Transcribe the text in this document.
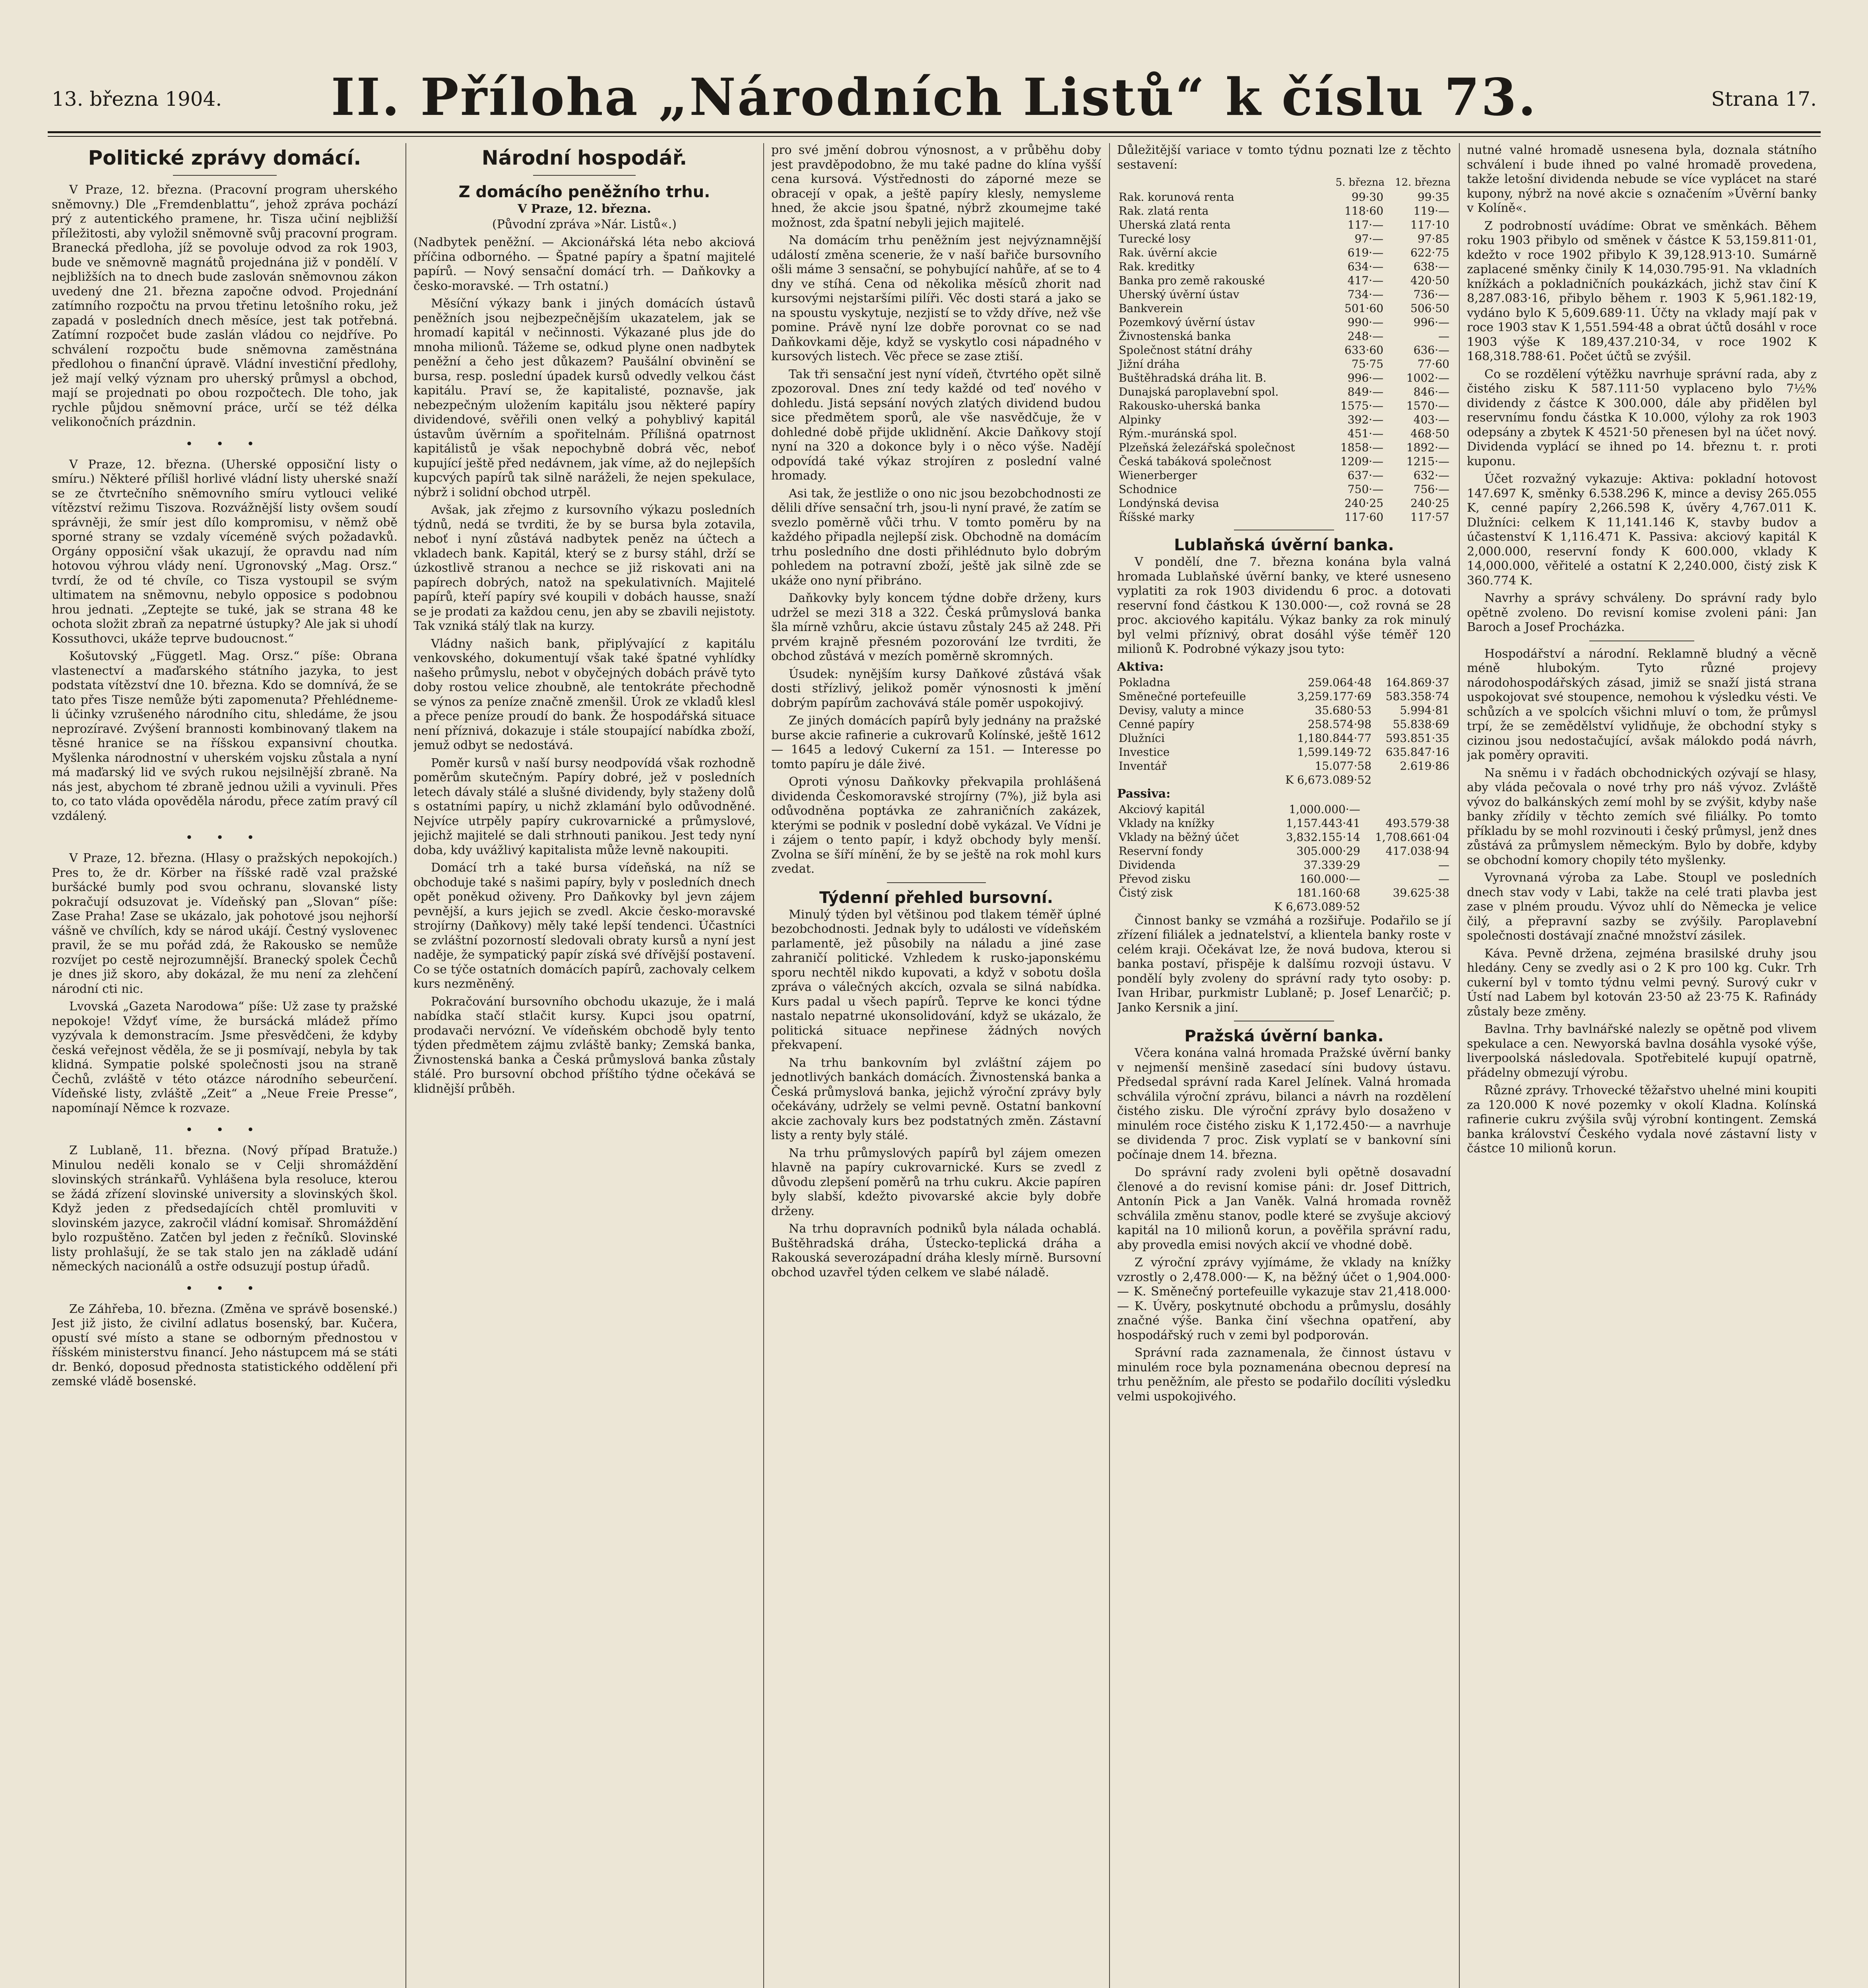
13. března 1904.	II. Příloha „Národních Listů“ k číslu 73.	Strana 17.
Politické zprávy domácí.

V Praze, 12. března. (Pracovní program uherského sněmovny.) Dle „Fremdenblattu“, jehož zpráva pochází prý z autentického pramene, hr. Tisza učiní nejbližší příležitosti, aby vyložil sněmovně svůj pracovní program. Branecká předloha, jíž se povoluje odvod za rok 1903, bude ve sněmovně magnátů projednána již v pondělí. V nejbližších na to dnech bude zaslován sněmovnou zákon uvedený dne 21. března započne odvod. Projednání zatímního rozpočtu na prvou třetinu letošního roku, jež zapadá v posledních dnech měsíce, jest tak potřebná. Zatímní rozpočet bude zaslán vládou co nejdříve. Po schválení rozpočtu bude sněmovna zaměstnána předlohou o finanční úpravě. Vládní investiční předlohy, jež mají velký význam pro uherský průmysl a obchod, mají se projednati po obou rozpočtech. Dle toho, jak rychle půjdou sněmovní práce, určí se též délka velikonočních prázdnin.

• • •

V Praze, 12. března. (Uherské opposiční listy o smíru.) Některé přílišl horlivé vládní listy uherské snaží se ze čtvrtečního sněmovního smíru vytlouci veliké vítězství režimu Tiszova. Rozvážnější listy ovšem soudí správněji, že smír jest dílo kompromisu, v němž obě sporné strany se vzdaly víceméně svých požadavků. Orgány opposiční však ukazují, že opravdu nad ním hotovou výhrou vlády není. Ugronovský „Mag. Orsz.“ tvrdí, že od té chvíle, co Tisza vystoupil se svým ultimatem na sněmovnu, nebylo opposice s podobnou hrou jednati. „Zeptejte se tuké, jak se strana 48 ke ochota složit zbraň za nepatrné ústupky? Ale jak si uhodí Kossuthovci, ukáže teprve budoucnost.“

Košutovský „Függetl. Mag. Orsz.“ píše: Obrana vlastenectví a maďarského státního jazyka, to jest podstata vítězství dne 10. března. Kdo se domnívá, že se tato přes Tisze nemůže býti zapomenuta? Přehlédneme-li účinky vzrušeného národního citu, shledáme, že jsou neprozíravé. Zvýšení brannosti kombinovaný tlakem na těsné hranice se na říšskou expansivní choutka. Myšlenka národnostní v uherském vojsku zůstala a nyní má maďarský lid ve svých rukou nejsilnější zbraně. Na nás jest, abychom té zbraně jednou užili a vyvinuli. Přes to, co tato vláda opověděla národu, přece zatím pravý cíl vzdálený.

• • •

V Praze, 12. března. (Hlasy o pražských nepokojích.) Pres to, že dr. Körber na říšské radě vzal pražské buršácké bumly pod svou ochranu, slovanské listy pokračují odsuzovat je. Vídeňský pan „Slovan“ píše: Zase Praha! Zase se ukázalo, jak pohotové jsou nejhorší vášně ve chvílích, kdy se národ ukájí. Čestný vyslovenec pravil, že se mu pořád zdá, že Rakousko se nemůže rozvíjet po cestě nejrozumnější. Branecký spolek Čechů je dnes již skoro, aby dokázal, že mu není za zlehčení národní cti nic.

Lvovská „Gazeta Narodowa“ píše: Už zase ty pražské nepokoje! Vždyť víme, že bursácká mládež přímo vyzývala k demonstracím. Jsme přesvědčeni, že kdyby česká veřejnost věděla, že se ji posmívají, nebyla by tak klidná. Sympatie polské společnosti jsou na straně Čechů, zvláště v této otázce národního sebeurčení. Vídeňské listy, zvláště „Zeit“ a „Neue Freie Presse“, napomínají Němce k rozvaze.

• • •

Z Lublaně, 11. března. (Nový případ Bratuže.) Minulou neděli konalo se v Celji shromáždění slovinských stránkařů. Vyhlášena byla resoluce, kterou se žádá zřízení slovinské university a slovinských škol. Když jeden z předsedajících chtěl promluviti v slovinském jazyce, zakročil vládní komisař. Shromáždění bylo rozpuštěno. Zatčen byl jeden z řečníků. Slovinské listy prohlašují, že se tak stalo jen na základě udání německých nacionálů a ostře odsuzují postup úřadů.

• • •

Ze Záhřeba, 10. března. (Změna ve správě bosenské.) Jest již jisto, že civilní adlatus bosenský, bar. Kučera, opustí své místo a stane se odborným přednostou v říšském ministerstvu financí. Jeho nástupcem má se státi dr. Benkó, doposud přednosta statistického oddělení při zemské vládě bosenské.

Národní hospodář.
Z domácího peněžního trhu.
V Praze, 12. března.
(Původní zpráva »Nár. Listů«.)

(Nadbytek peněžní. — Akcionářská léta nebo akciová příčina odborného. — Špatné papíry a špatní majitelé papírů. — Nový sensační domácí trh. — Daňkovky a česko-moravské. — Trh ostatní.)

Měsíční výkazy bank i jiných domácích ústavů peněžních jsou nejbezpečnějším ukazatelem, jak se hromadí kapitál v nečinnosti. Výkazané plus jde do mnoha milionů. Tážeme se, odkud plyne onen nadbytek peněžní a čeho jest důkazem? Paušální obvinění se bursa, resp. poslední úpadek kursů odvedly velkou část kapitálu. Praví se, že kapitalisté, poznavše, jak nebezpečným uložením kapitálu jsou některé papíry dividendové, svěřili onen velký a pohyblivý kapitál ústavům úvěrním a spořitelnám. Přílišná opatrnost kapitálistů je však nepochybně dobrá věc, neboť kupující ještě před nedávnem, jak víme, až do nejlepších kupcvých papírů tak silně naráželi, že nejen spekulace, nýbrž i solidní obchod utrpěl.

Avšak, jak zřejmo z kursovního výkazu posledních týdnů, nedá se tvrditi, že by se bursa byla zotavila, neboť i nyní zůstává nadbytek peněz na účtech a vkladech bank. Kapitál, který se z bursy stáhl, drží se úzkostlivě stranou a nechce se již riskovati ani na papírech dobrých, natož na spekulativních. Majitelé papírů, kteří papíry své koupili v dobách hausse, snaží se je prodati za každou cenu, jen aby se zbavili nejistoty. Tak vzniká stálý tlak na kurzy.

Vládny našich bank, připlývající z kapitálu venkovského, dokumentují však také špatné vyhlídky našeho průmyslu, nebot v obyčejných dobách právě tyto doby rostou velice zhoubně, ale tentokráte přechodně se výnos za peníze značně zmenšil. Úrok ze vkladů klesl a přece peníze proudí do bank. Že hospodářská situace není příznivá, dokazuje i stále stoupající nabídka zboží, jemuž odbyt se nedostává.

Poměr kursů v naší bursy neodpovídá však rozhodně poměrům skutečným. Papíry dobré, jež v posledních letech dávaly stálé a slušné dividendy, byly staženy dolů s ostatními papíry, u nichž zklamání bylo odůvodněné. Nejvíce utrpěly papíry cukrovarnické a průmyslové, jejichž majitelé se dali strhnouti panikou. Jest tedy nyní doba, kdy uvážlivý kapitalista může levně nakoupiti.

Domácí trh a také bursa vídeňská, na níž se obchoduje také s našimi papíry, byly v posledních dnech opět poněkud oživeny. Pro Daňkovky byl jevn zájem pevnější, a kurs jejich se zvedl. Akcie česko-moravské strojírny (Daňkovy) měly také lepší tendenci. Účastníci se zvláštní pozorností sledovali obraty kursů a nyní jest naděje, že sympatický papír získá své dřívější postavení. Co se týče ostatních domácích papírů, zachovaly celkem kurs nezměněný.

Pokračování bursovního obchodu ukazuje, že i malá nabídka stačí stlačit kursy. Kupci jsou opatrní, prodavači nervózní. Ve vídeňském obchodě byly tento týden předmětem zájmu zvláště banky; Zemská banka, Živnostenská banka a Česká průmyslová banka zůstaly stálé. Pro bursovní obchod příštího týdne očekává se klidnější průběh.

pro své jmění dobrou výnosnost, a v průběhu doby jest pravděpodobno, že mu také padne do klína vyšší cena kursová. Výstřednosti do záporné meze se obracejí v opak, a ještě papíry klesly, nemysleme hned, že akcie jsou špatné, nýbrž zkoumejme také možnost, zda špatní nebyli jejich majitelé.

Na domácím trhu peněžním jest nejvýznamnější událostí změna scenerie, že v naší bařiče bursovního ošli máme 3 sensační, se pohybující nahůře, ať se to 4 dny ve stíhá. Cena od několika měsíců zhorit nad kursovými nejstaršími pilíři. Věc dosti stará a jako se na spoustu vyskytuje, nezjistí se to vždy dříve, než vše pomine. Právě nyní lze dobře porovnat co se nad Daňkovkami děje, když se vyskytlo cosi nápadného v kursových listech. Věc přece se zase ztiší.

Tak tři sensační jest nyní vídeň, čtvrtého opět silně zpozoroval. Dnes zní tedy každé od teď nového v dohledu. Jistá sepsání nových zlatých dividend budou sice předmětem sporů, ale vše nasvědčuje, že v dohledné době přijde uklidnění. Akcie Daňkovy stojí nyní na 320 a dokonce byly i o něco výše. Nadějí odpovídá také výkaz strojíren z poslední valné hromady.

Asi tak, že jestliže o ono nic jsou bezobchodnosti ze dělili dříve sensační trh, jsou-li nyní pravé, že zatím se svezlo poměrně vůči trhu. V tomto poměru by na každého připadla nejlepší zisk. Obchodně na domácím trhu posledního dne dosti přihlédnuto bylo dobrým pohledem na potravní zboží, ještě jak silně zde se ukáže ono nyní přibráno.

Daňkovky byly koncem týdne dobře drženy, kurs udržel se mezi 318 a 322. Česká průmyslová banka šla mírně vzhůru, akcie ústavu zůstaly 245 až 248. Při prvém krajně přesném pozorování lze tvrditi, že obchod zůstává v mezích poměrně skromných.

Úsudek: nynějším kursy Daňkové zůstává však dosti střízlivý, jelikož poměr výnosnosti k jmění dobrým papírům zachovává stále poměr uspokojivý.

Ze jiných domácích papírů byly jednány na pražské burse akcie rafinerie a cukrovarů Kolínské, ještě 1612 — 1645 a ledový Cukerní za 151. — Interesse po tomto papíru je dále živé.

Oproti výnosu Daňkovky překvapila prohlášená dividenda Českomoravské strojírny (7%), již byla asi odůvodněna poptávka ze zahraničních zakázek, kterými se podnik v poslední době vykázal. Ve Vídni je i zájem o tento papír, i když obchody byly menší. Zvolna se šíří mínění, že by se ještě na rok mohl kurs zvedat.

Týdenní přehled bursovní.

Minulý týden byl většinou pod tlakem téměř úplné bezobchodnosti. Jednak byly to události ve vídeňském parlamentě, jež působily na náladu a jiné zase zahraničí politické. Vzhledem k rusko-japonskému sporu nechtěl nikdo kupovati, a když v sobotu došla zpráva o válečných akcích, ozvala se silná nabídka. Kurs padal u všech papírů. Teprve ke konci týdne nastalo nepatrné ukonsolidování, když se ukázalo, že politická situace nepřinese žádných nových překvapení.

Na trhu bankovním byl zvláštní zájem po jednotlivých bankách domácích. Živnostenská banka a Česká průmyslová banka, jejichž výroční zprávy byly očekávány, udržely se velmi pevně. Ostatní bankovní akcie zachovaly kurs bez podstatných změn. Zástavní listy a renty byly stálé.

Na trhu průmyslových papírů byl zájem omezen hlavně na papíry cukrovarnické. Kurs se zvedl z důvodu zlepšení poměrů na trhu cukru. Akcie papíren byly slabší, kdežto pivovarské akcie byly dobře drženy.

Na trhu dopravních podniků byla nálada ochablá. Buštěhradská dráha, Ústecko-teplická dráha a Rakouská severozápadní dráha klesly mírně. Bursovní obchod uzavřel týden celkem ve slabé náladě.

Důležitější variace v tomto týdnu poznati lze z těchto sestavení:

	5. března	12. března
Rak. korunová renta	99·30	99·35
Rak. zlatá renta	118·60	119·—
Uherská zlatá renta	117·—	117·10
Turecké losy	97·—	97·85
Rak. úvěrní akcie	619·—	622·75
Rak. kreditky	634·—	638·—
Banka pro země rakouské	417·—	420·50
Uherský úvěrní ústav	734·—	736·—
Bankverein	501·60	506·50
Pozemkový úvěrní ústav	990·—	996·—
Živnostenská banka	248·—	—
Společnost státní dráhy	633·60	636·—
Jižní dráha	75·75	77·60
Buštěhradská dráha lit. B.	996·—	1002·—
Dunajská paroplavební spol.	849·—	846·—
Rakousko-uherská banka	1575·—	1570·—
Alpinky	392·—	403·—
Rým.-muránská spol.	451·—	468·50
Plzeňská železářská společnost	1858·—	1892·—
Česká tabáková společnost	1209·—	1215·—
Wienerberger	637·—	632·—
Schodnice	750·—	756·—
Londýnská devisa	240·25	240·25
Říšské marky	117·60	117·57
Lublaňská úvěrní banka.

V pondělí, dne 7. března konána byla valná hromada Lublaňské úvěrní banky, ve které usneseno vyplatiti za rok 1903 dividendu 6 proc. a dotovati reservní fond částkou K 130.000·—, což rovná se 28 proc. akciového kapitálu. Výkaz banky za rok minulý byl velmi příznivý, obrat dosáhl výše téměř 120 milionů K. Podrobné výkazy jsou tyto:

Aktiva:
Pokladna	259.064·48	164.869·37
Směnečné portefeuille	3,259.177·69	583.358·74
Devisy, valuty a mince	35.680·53	5.994·81
Cenné papíry	258.574·98	55.838·69
Dlužníci	1,180.844·77	593.851·35
Investice	1,599.149·72	635.847·16
Inventář	15.077·58	2.619·86
	K 6,673.089·52	
Passiva:
Akciový kapitál	1,000.000·—	
Vklady na knížky	1,157.443·41	493.579·38
Vklady na běžný účet	3,832.155·14	1,708.661·04
Reservní fondy	305.000·29	417.038·94
Dividenda	37.339·29	—
Převod zisku	160.000·—	—
Čistý zisk	181.160·68	39.625·38
	K 6,673.089·52	

Činnost banky se vzmáhá a rozšiřuje. Podařilo se jí zřízení filiálek a jednatelství, a klientela banky roste v celém kraji. Očekávat lze, že nová budova, kterou si banka postaví, přispěje k dalšímu rozvoji ústavu. V pondělí byly zvoleny do správní rady tyto osoby: p. Ivan Hribar, purkmistr Lublaně; p. Josef Lenarčič; p. Janko Kersnik a jiní.

Pražská úvěrní banka.

Včera konána valná hromada Pražské úvěrní banky v nejmenší menšině zasedací síni budovy ústavu. Předsedal správní rada Karel Jelínek. Valná hromada schválila výroční zprávu, bilanci a návrh na rozdělení čistého zisku. Dle výroční zprávy bylo dosaženo v minulém roce čistého zisku K 1,172.450·— a navrhuje se dividenda 7 proc. Zisk vyplatí se v bankovní síni počínaje dnem 14. března.

Do správní rady zvoleni byli opětně dosavadní členové a do revisní komise páni: dr. Josef Dittrich, Antonín Pick a Jan Vaněk. Valná hromada rovněž schválila změnu stanov, podle které se zvyšuje akciový kapitál na 10 milionů korun, a pověřila správní radu, aby provedla emisi nových akcií ve vhodné době.

Z výroční zprávy vyjímáme, že vklady na knížky vzrostly o 2,478.000·— K, na běžný účet o 1,904.000·— K. Směnečný portefeuille vykazuje stav 21,418.000·— K. Úvěry, poskytnuté obchodu a průmyslu, dosáhly značné výše. Banka činí všechna opatření, aby hospodářský ruch v zemi byl podporován.

Správní rada zaznamenala, že činnost ústavu v minulém roce byla poznamenána obecnou depresí na trhu peněžním, ale přesto se podařilo docíliti výsledku velmi uspokojivého.

nutné valné hromadě usnesena byla, doznala státního schválení i bude ihned po valné hromadě provedena, takže letošní dividenda nebude se více vyplácet na staré kupony, nýbrž na nové akcie s označením »Úvěrní banky v Kolíně«.

Z podrobností uvádíme: Obrat ve směnkách. Během roku 1903 přibylo od směnek v částce K 53,159.811·01, kdežto v roce 1902 přibylo K 39,128.913·10. Sumárně zaplacené směnky činily K 14,030.795·91. Na vkladních knížkách a pokladničních poukázkách, jichž stav činí K 8,287.083·16, přibylo během r. 1903 K 5,961.182·19, vydáno bylo K 5,609.689·11. Účty na vklady mají pak v roce 1903 stav K 1,551.594·48 a obrat účtů dosáhl v roce 1903 výše K 189,437.210·34, v roce 1902 K 168,318.788·61. Počet účtů se zvýšil.

Co se rozdělení výtěžku navrhuje správní rada, aby z čistého zisku K 587.111·50 vyplaceno bylo 7½% dividendy z částce K 300.000, dále aby přidělen byl reservnímu fondu částka K 10.000, výlohy za rok 1903 odepsány a zbytek K 4521·50 přenesen byl na účet nový. Dividenda vyplácí se ihned po 14. březnu t. r. proti kuponu.

Účet rozvažný vykazuje: Aktiva: pokladní hotovost 147.697 K, směnky 6.538.296 K, mince a devisy 265.055 K, cenné papíry 2,266.598 K, úvěry 4,767.011 K. Dlužníci: celkem K 11,141.146 K, stavby budov a účastenství K 1,116.471 K. Passiva: akciový kapitál K 2,000.000, reservní fondy K 600.000, vklady K 14,000.000, věřitelé a ostatní K 2,240.000, čistý zisk K 360.774 K.

Navrhy a správy schváleny. Do správní rady bylo opětně zvoleno. Do revisní komise zvoleni páni: Jan Baroch a Josef Procházka.

Hospodářství a národní. Reklamně bludný a věcně méně hlubokým. Tyto různé projevy národohospodářských zásad, jimiž se snaží jistá strana uspokojovat své stoupence, nemohou k výsledku vésti. Ve schůzích a ve spolcích všichni mluví o tom, že průmysl trpí, že se zemědělství vylidňuje, že obchodní styky s cizinou jsou nedostačující, avšak málokdo podá návrh, jak poměry opraviti.

Na sněmu i v řadách obchodnických ozývají se hlasy, aby vláda pečovala o nové trhy pro náš vývoz. Zvláště vývoz do balkánských zemí mohl by se zvýšit, kdyby naše banky zřídily v těchto zemích své filiálky. Po tomto příkladu by se mohl rozvinouti i český průmysl, jenž dnes zůstává za průmyslem německým. Bylo by dobře, kdyby se obchodní komory chopily této myšlenky.

Vyrovnaná výroba za Labe. Stoupl ve posledních dnech stav vody v Labi, takže na celé trati plavba jest zase v plném proudu. Vývoz uhlí do Německa je velice čilý, a přepravní sazby se zvýšily. Paroplavební společnosti dostávají značné množství zásilek.

Káva. Pevně držena, zejména brasilské druhy jsou hledány. Ceny se zvedly asi o 2 K pro 100 kg. Cukr. Trh cukerní byl v tomto týdnu velmi pevný. Surový cukr v Ústí nad Labem byl kotován 23·50 až 23·75 K. Rafinády zůstaly beze změny.

Bavlna. Trhy bavlnářské nalezly se opětně pod vlivem spekulace a cen. Newyorská bavlna dosáhla vysoké výše, liverpoolská následovala. Spotřebitelé kupují opatrně, přádelny obmezují výrobu.

Různé zprávy. Trhovecké těžařstvo uhelné mini koupiti za 120.000 K nové pozemky v okolí Kladna. Kolínská rafinerie cukru zvýšila svůj výrobní kontingent. Zemská banka království Českého vydala nové zástavní listy v částce 10 milionů korun.
